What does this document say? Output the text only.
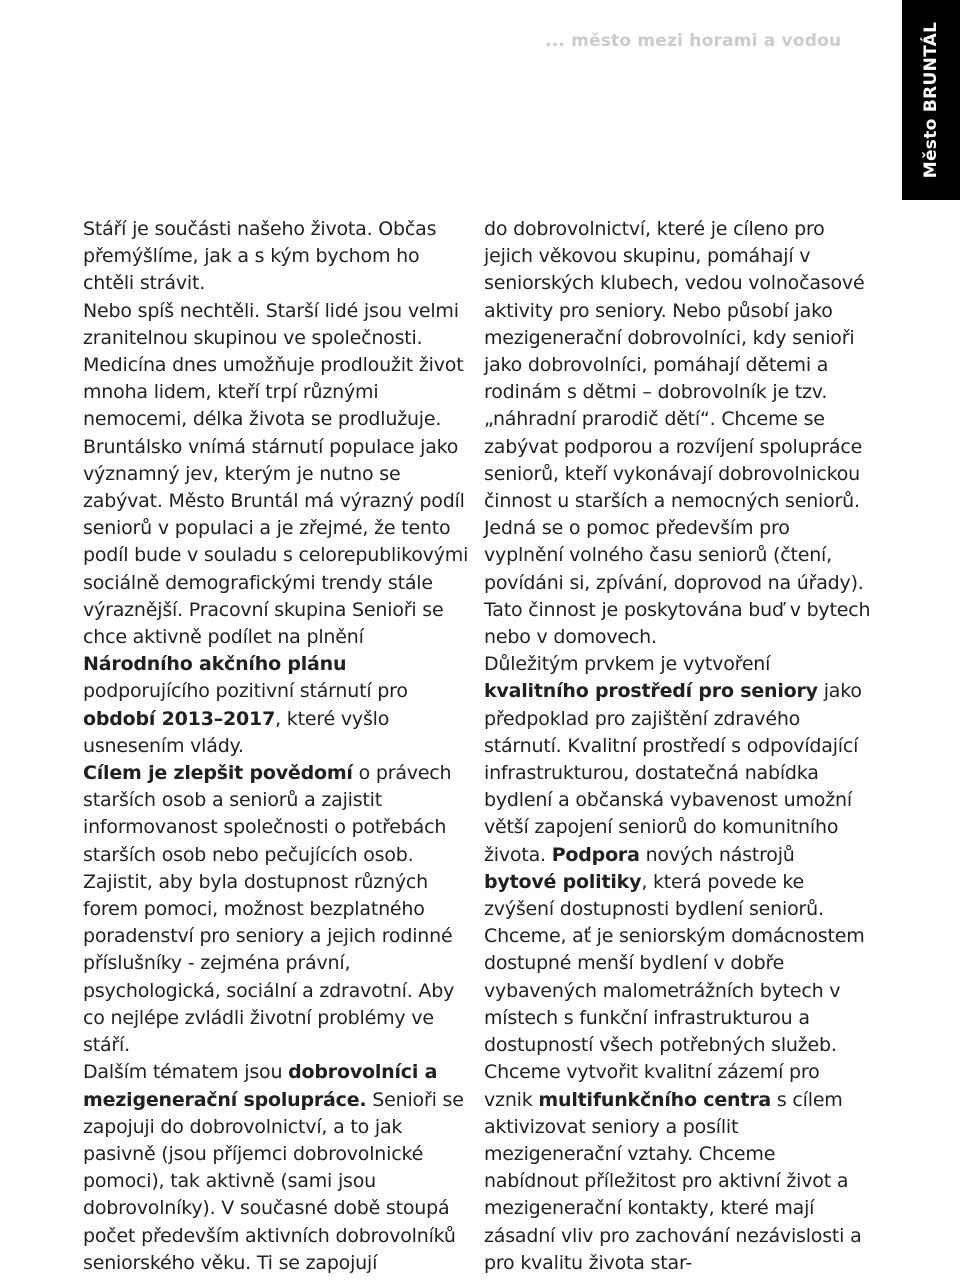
... město mezi horami a vodou	Město BRUNTÁL

Stáří je součásti našeho života. Občas přemýšlíme, jak a s kým bychom ho chtěli strávit.

Nebo spíš nechtěli. Starší lidé jsou velmi zranitelnou skupinou ve společnosti. Medicína dnes umožňuje prodloužit život mnoha lidem, kteří trpí různými nemocemi, délka života se prodlužuje. Bruntálsko vnímá stárnutí populace jako významný jev, kterým je nutno se zabývat. Město Bruntál má výrazný podíl seniorů v populaci a je zřejmé, že tento podíl bude v souladu s celorepublikovými sociálně demografickými trendy stále výraznější. Pracovní skupina Senioři se chce aktivně podílet na plnění Národního akčního plánu podporujícího pozitivní stárnutí pro období 2013–2017, které vyšlo usnesením vlády.

Cílem je zlepšit povědomí o právech starších osob a seniorů a zajistit informovanost společnosti o potřebách starších osob nebo pečujících osob. Zajistit, aby byla dostupnost různých forem pomoci, možnost bezplatného poradenství pro seniory a jejich rodinné příslušníky - zejména právní, psychologická, sociální a zdravotní. Aby co nejlépe zvládli životní problémy ve stáří.

Dalším tématem jsou dobrovolníci a mezigenerační spolupráce. Senioři se zapojuji do dobrovolnictví, a to jak pasivně (jsou příjemci dobrovolnické pomoci), tak aktivně (sami jsou dobrovolníky). V současné době stoupá počet především aktivních dobrovolníků seniorského věku. Ti se zapojují

do dobrovolnictví, které je cíleno pro jejich věkovou skupinu, pomáhají v seniorských klubech, vedou volnočasové aktivity pro seniory. Nebo působí jako mezigenerační dobrovolníci, kdy senioři jako dobrovolníci, pomáhají dětemi a rodinám s dětmi – dobrovolník je tzv. „náhradní prarodič dětí“. Chceme se zabývat podporou a rozvíjení spolupráce seniorů, kteří vykonávají dobrovolnickou činnost u starších a nemocných seniorů. Jedná se o pomoc především pro vyplnění volného času seniorů (čtení, povídáni si, zpívání, doprovod na úřady). Tato činnost je poskytována buď v bytech nebo v domovech.

Důležitým prvkem je vytvoření kvalitního prostředí pro seniory jako předpoklad pro zajištění zdravého stárnutí. Kvalitní prostředí s odpovídající infrastrukturou, dostatečná nabídka bydlení a občanská vybavenost umožní větší zapojení seniorů do komunitního života. Podpora nových nástrojů bytové politiky, která povede ke zvýšení dostupnosti bydlení seniorů. Chceme, ať je seniorským domácnostem dostupné menší bydlení v dobře vybavených malometrážních bytech v místech s funkční infrastrukturou a dostupností všech potřebných služeb. Chceme vytvořit kvalitní zázemí pro vznik multifunkčního centra s cílem aktivizovat seniory a posílit mezigenerační vztahy. Chceme nabídnout příležitost pro aktivní život a mezigenerační kontakty, které mají zásadní vliv pro zachování nezávislosti a pro kvalitu života star-
